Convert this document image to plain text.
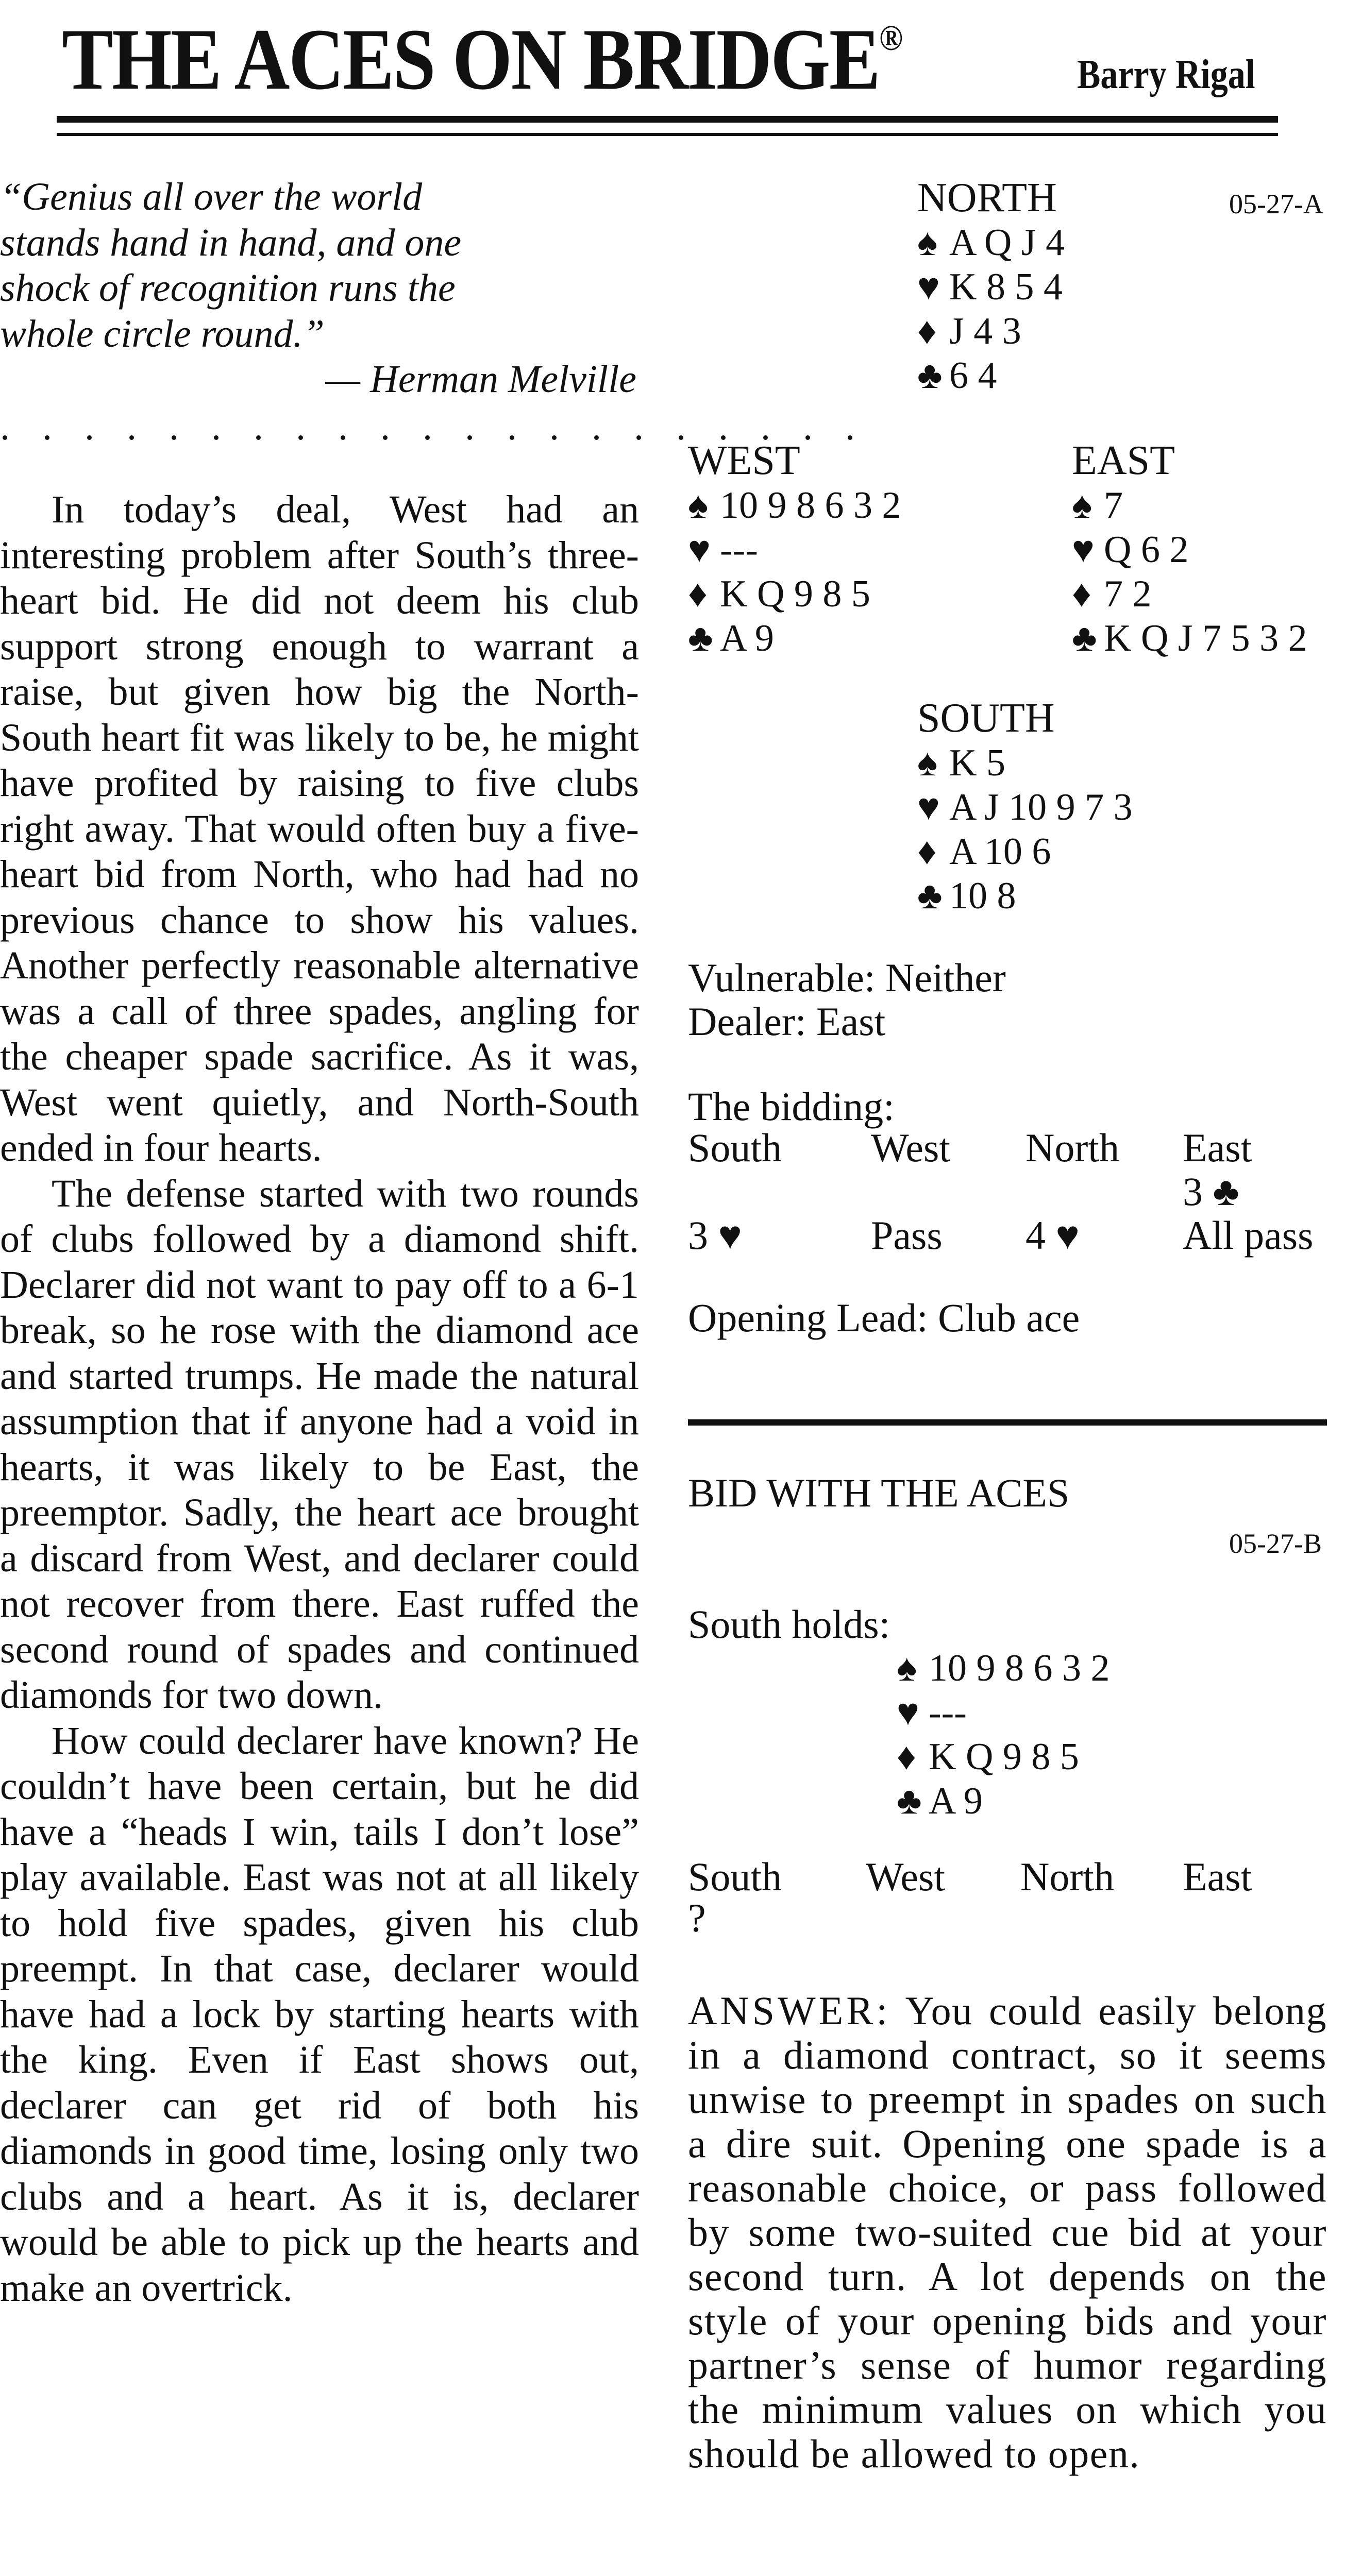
THE ACES ON BRIDGE®
Barry Rigal
“Genius all over the world
stands hand in hand, and one
shock of recognition runs the
whole circle round.”
— Herman Melville
. . . . . . . . . . . . . . . . . . . . .

In today’s deal, West had an interesting problem after South’s three-heart bid. He did not deem his club support strong enough to warrant a raise, but given how big the North-South heart fit was likely to be, he might have profited by raising to five clubs right away. That would often buy a five-heart bid from North, who had had no previous chance to show his values. Another perfectly reasonable alternative was a call of three spades, angling for the cheaper spade sacrifice. As it was, West went quietly, and North-South ended in four hearts.

The defense started with two rounds of clubs followed by a diamond shift. Declarer did not want to pay off to a 6-1 break, so he rose with the diamond ace and started trumps. He made the natural assumption that if anyone had a void in hearts, it was likely to be East, the preemptor. Sadly, the heart ace brought a discard from West, and declarer could not recover from there. East ruffed the second round of spades and continued diamonds for two down.

How could declarer have known? He couldn’t have been certain, but he did have a “heads I win, tails I don’t lose” play available. East was not at all likely to hold five spades, given his club preempt. In that case, declarer would have had a lock by starting hearts with the king. Even if East shows out, declarer can get rid of both his diamonds in good time, losing only two clubs and a heart. As it is, declarer would be able to pick up the hearts and make an overtrick.

05-27-A
NORTH
♠ A Q J 4
♥ K 8 5 4
♦ J 4 3
♣ 6 4
WEST
♠ 10 9 8 6 3 2
♥ ---
♦ K Q 9 8 5
♣ A 9
EAST
♠ 7
♥ Q 6 2
♦ 7 2
♣ K Q J 7 5 3 2
SOUTH
♠ K 5
♥ A J 10 9 7 3
♦ A 10 6
♣ 10 8
Vulnerable: Neither
Dealer: East
The bidding:
South West North East
3 ♣
3 ♥	Pass 4 ♥	All pass
Opening Lead: Club ace
BID WITH THE ACES
05-27-B
South holds:
♠ 10 9 8 6 3 2
♥ ---
♦ K Q 9 8 5
♣ A 9
South West North East
?
ANSWER: You could easily belong in a diamond contract, so it seems unwise to preempt in spades on such a dire suit. Opening one spade is a reasonable choice, or pass followed by some two-suited cue bid at your second turn. A lot depends on the style of your opening bids and your partner’s sense of humor regarding the minimum values on which you should be allowed to open.
